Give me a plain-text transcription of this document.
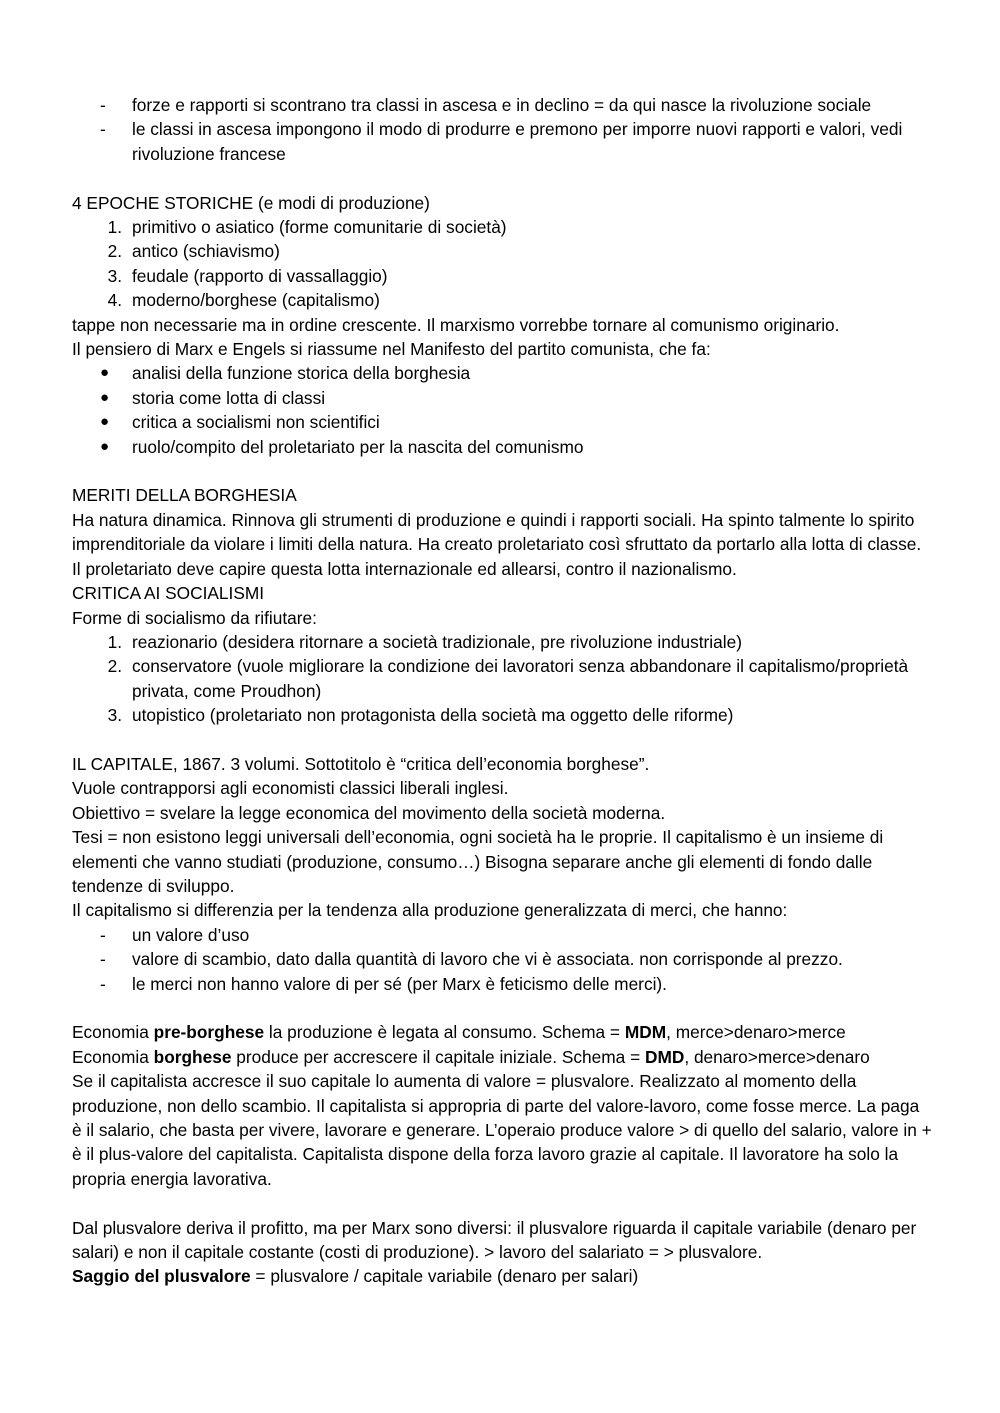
- forze e rapporti si scontrano tra classi in ascesa e in declino = da qui nasce la rivoluzione sociale
- le classi in ascesa impongono il modo di produrre e premono per imporre nuovi rapporti e valori, vedi rivoluzione francese

4 EPOCHE STORICHE (e modi di produzione)

1. primitivo o asiatico (forme comunitarie di società)
2. antico (schiavismo)
3. feudale (rapporto di vassallaggio)
4. moderno/borghese (capitalismo)

tappe non necessarie ma in ordine crescente. Il marxismo vorrebbe tornare al comunismo originario.

Il pensiero di Marx e Engels si riassume nel Manifesto del partito comunista, che fa:

● analisi della funzione storica della borghesia
● storia come lotta di classi
● critica a socialismi non scientifici
● ruolo/compito del proletariato per la nascita del comunismo

MERITI DELLA BORGHESIA

Ha natura dinamica. Rinnova gli strumenti di produzione e quindi i rapporti sociali. Ha spinto talmente lo spirito imprenditoriale da violare i limiti della natura. Ha creato proletariato così sfruttato da portarlo alla lotta di classe. Il proletariato deve capire questa lotta internazionale ed allearsi, contro il nazionalismo.

CRITICA AI SOCIALISMI

Forme di socialismo da rifiutare:

1. reazionario (desidera ritornare a società tradizionale, pre rivoluzione industriale)
2. conservatore (vuole migliorare la condizione dei lavoratori senza abbandonare il capitalismo/proprietà privata, come Proudhon)
3. utopistico (proletariato non protagonista della società ma oggetto delle riforme)

IL CAPITALE, 1867. 3 volumi. Sottotitolo è “critica dell’economia borghese”.

Vuole contrapporsi agli economisti classici liberali inglesi.

Obiettivo = svelare la legge economica del movimento della società moderna.

Tesi = non esistono leggi universali dell’economia, ogni società ha le proprie. Il capitalismo è un insieme di elementi che vanno studiati (produzione, consumo…) Bisogna separare anche gli elementi di fondo dalle tendenze di sviluppo.

Il capitalismo si differenzia per la tendenza alla produzione generalizzata di merci, che hanno:

- un valore d’uso
- valore di scambio, dato dalla quantità di lavoro che vi è associata. non corrisponde al prezzo.
- le merci non hanno valore di per sé (per Marx è feticismo delle merci).

Economia pre-borghese la produzione è legata al consumo. Schema = MDM, merce>denaro>merce

Economia borghese produce per accrescere il capitale iniziale. Schema = DMD, denaro>merce>denaro

Se il capitalista accresce il suo capitale lo aumenta di valore = plusvalore. Realizzato al momento della produzione, non dello scambio. Il capitalista si appropria di parte del valore-lavoro, come fosse merce. La paga è il salario, che basta per vivere, lavorare e generare. L’operaio produce valore > di quello del salario, valore in + è il plus-valore del capitalista. Capitalista dispone della forza lavoro grazie al capitale. Il lavoratore ha solo la propria energia lavorativa.

Dal plusvalore deriva il profitto, ma per Marx sono diversi: il plusvalore riguarda il capitale variabile (denaro per salari) e non il capitale costante (costi di produzione). > lavoro del salariato = > plusvalore.

Saggio del plusvalore = plusvalore / capitale variabile (denaro per salari)
